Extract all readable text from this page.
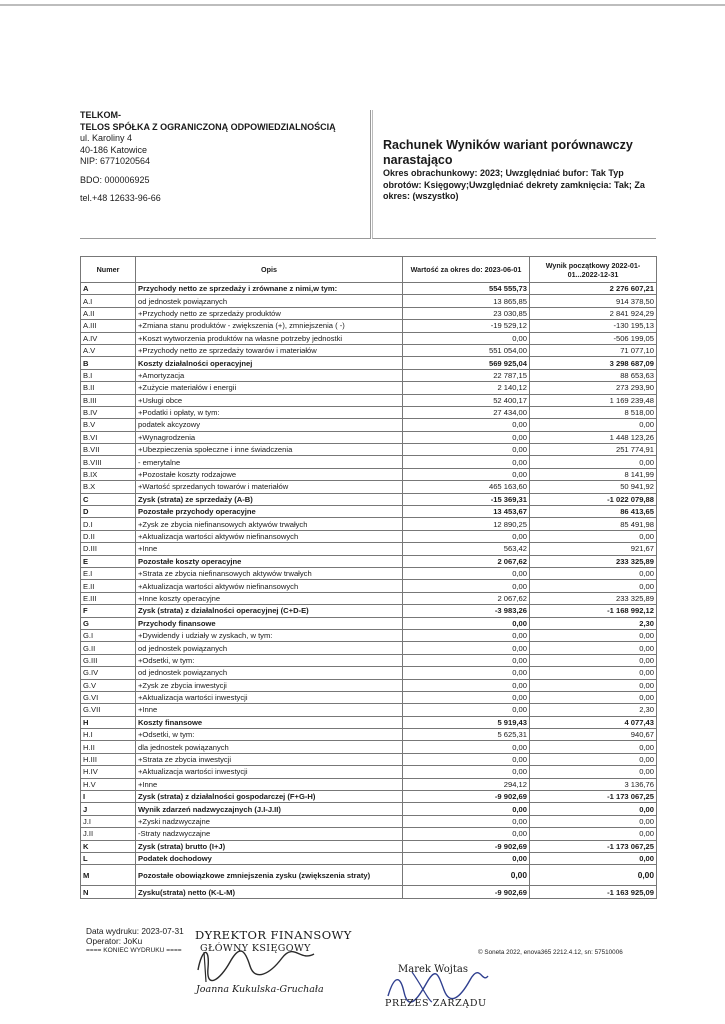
TELKOM-
TELOS SPÓŁKA Z OGRANICZONĄ ODPOWIEDZIALNOŚCIĄ
ul. Karoliny 4
40-186 Katowice
NIP: 6771020564
BDO: 000006925
tel.+48 12633-96-66
Rachunek Wyników wariant porównawczy narastająco
Okres obrachunkowy: 2023; Uwzględniać bufor: Tak Typ obrotów: Księgowy;Uwzględniać dekrety zamknięcia: Tak; Za okres: (wszystko)
Numer	Opis	Wartość za okres do: 2023-06-01	Wynik początkowy 2022-01-01...2022-12-31
A	Przychody netto ze sprzedaży i zrównane z nimi,w tym:	554 555,73	2 276 607,21
A.I	od jednostek powiązanych	13 865,85	914 378,50
A.II	+Przychody netto ze sprzedaży produktów	23 030,85	2 841 924,29
A.III	+Zmiana stanu produktów - zwiększenia (+), zmniejszenia ( -)	-19 529,12	-130 195,13
A.IV	+Koszt wytworzenia produktów na własne potrzeby jednostki	0,00	-506 199,05
A.V	+Przychody netto ze sprzedaży towarów i materiałów	551 054,00	71 077,10
B	Koszty działalności operacyjnej	569 925,04	3 298 687,09
B.I	+Amortyzacja	22 787,15	88 653,63
B.II	+Zużycie materiałów i energii	2 140,12	273 293,90
B.III	+Usługi obce	52 400,17	1 169 239,48
B.IV	+Podatki i opłaty, w tym:	27 434,00	8 518,00
B.V	podatek akcyzowy	0,00	0,00
B.VI	+Wynagrodzenia	0,00	1 448 123,26
B.VII	+Ubezpieczenia społeczne i inne świadczenia	0,00	251 774,91
B.VIII	- emerytalne	0,00	0,00
B.IX	+Pozostałe koszty rodzajowe	0,00	8 141,99
B.X	+Wartość sprzedanych towarów i materiałów	465 163,60	50 941,92
C	Zysk (strata) ze sprzedaży (A-B)	-15 369,31	-1 022 079,88
D	Pozostałe przychody operacyjne	13 453,67	86 413,65
D.I	+Zysk ze zbycia niefinansowych aktywów trwałych	12 890,25	85 491,98
D.II	+Aktualizacja wartości aktywów niefinansowych	0,00	0,00
D.III	+Inne	563,42	921,67
E	Pozostałe koszty operacyjne	2 067,62	233 325,89
E.I	+Strata ze zbycia niefinansowych aktywów trwałych	0,00	0,00
E.II	+Aktualizacja wartości aktywów niefinansowych	0,00	0,00
E.III	+Inne koszty operacyjne	2 067,62	233 325,89
F	Zysk (strata) z działalności operacyjnej (C+D-E)	-3 983,26	-1 168 992,12
G	Przychody finansowe	0,00	2,30
G.I	+Dywidendy i udziały w zyskach, w tym:	0,00	0,00
G.II	od jednostek powiązanych	0,00	0,00
G.III	+Odsetki, w tym:	0,00	0,00
G.IV	od jednostek powiązanych	0,00	0,00
G.V	+Zysk ze zbycia inwestycji	0,00	0,00
G.VI	+Aktualizacja wartości inwestycji	0,00	0,00
G.VII	+Inne	0,00	2,30
H	Koszty finansowe	5 919,43	4 077,43
H.I	+Odsetki, w tym:	5 625,31	940,67
H.II	dla jednostek powiązanych	0,00	0,00
H.III	+Strata ze zbycia inwestycji	0,00	0,00
H.IV	+Aktualizacja wartości inwestycji	0,00	0,00
H.V	+Inne	294,12	3 136,76
I	Zysk (strata) z działalności gospodarczej (F+G-H)	-9 902,69	-1 173 067,25
J	Wynik zdarzeń nadzwyczajnych (J.I-J.II)	0,00	0,00
J.I	+Zyski nadzwyczajne	0,00	0,00
J.II	-Straty nadzwyczajne	0,00	0,00
K	Zysk (strata) brutto (I+J)	-9 902,69	-1 173 067,25
L	Podatek dochodowy	0,00	0,00
M	Pozostałe obowiązkowe zmniejszenia zysku (zwiększenia straty)	0,00	0,00
N	Zysku(strata) netto (K-L-M)	-9 902,69	-1 163 925,09
Data wydruku: 2023-07-31
Operator: JoKu
==== KONIEC WYDRUKU ====
DYREKTOR FINANSOWY
GŁÓWNY KSIĘGOWY
Joanna Kukulska-Gruchała
© Soneta 2022, enova365 2212.4.12, sn: 57510006
Marek Wojtas
PREZES ZARZĄDU
